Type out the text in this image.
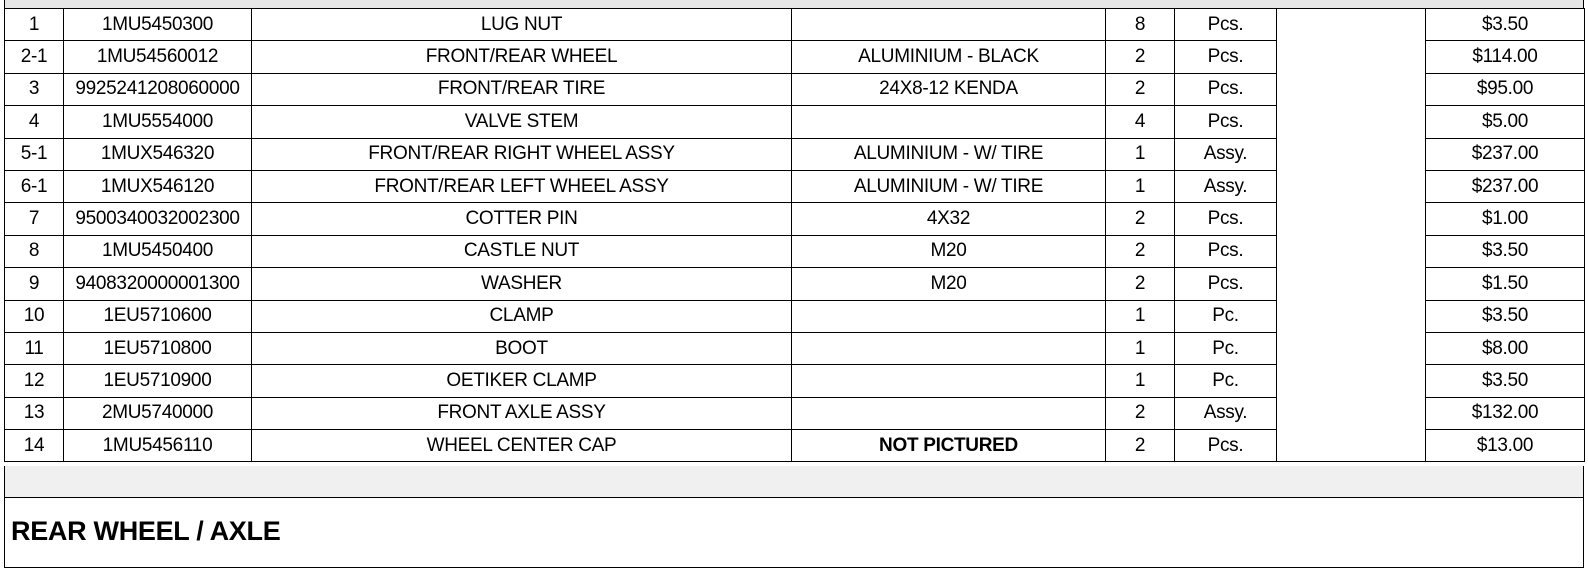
1	1MU5450300	LUG NUT		8	Pcs.		$3.50
2-1	1MU54560012	FRONT/REAR WHEEL	ALUMINIUM - BLACK	2	Pcs.		$114.00
3	9925241208060000	FRONT/REAR TIRE	24X8-12 KENDA	2	Pcs.		$95.00
4	1MU5554000	VALVE STEM		4	Pcs.		$5.00
5-1	1MUX546320	FRONT/REAR RIGHT WHEEL ASSY	ALUMINIUM - W/ TIRE	1	Assy.		$237.00
6-1	1MUX546120	FRONT/REAR LEFT WHEEL ASSY	ALUMINIUM - W/ TIRE	1	Assy.		$237.00
7	9500340032002300	COTTER PIN	4X32	2	Pcs.		$1.00
8	1MU5450400	CASTLE NUT	M20	2	Pcs.		$3.50
9	9408320000001300	WASHER	M20	2	Pcs.		$1.50
10	1EU5710600	CLAMP		1	Pc.		$3.50
11	1EU5710800	BOOT		1	Pc.		$8.00
12	1EU5710900	OETIKER CLAMP		1	Pc.		$3.50
13	2MU5740000	FRONT AXLE ASSY		2	Assy.		$132.00
14	1MU5456110	WHEEL CENTER CAP	NOT PICTURED	2	Pcs.		$13.00
REAR WHEEL / AXLE
